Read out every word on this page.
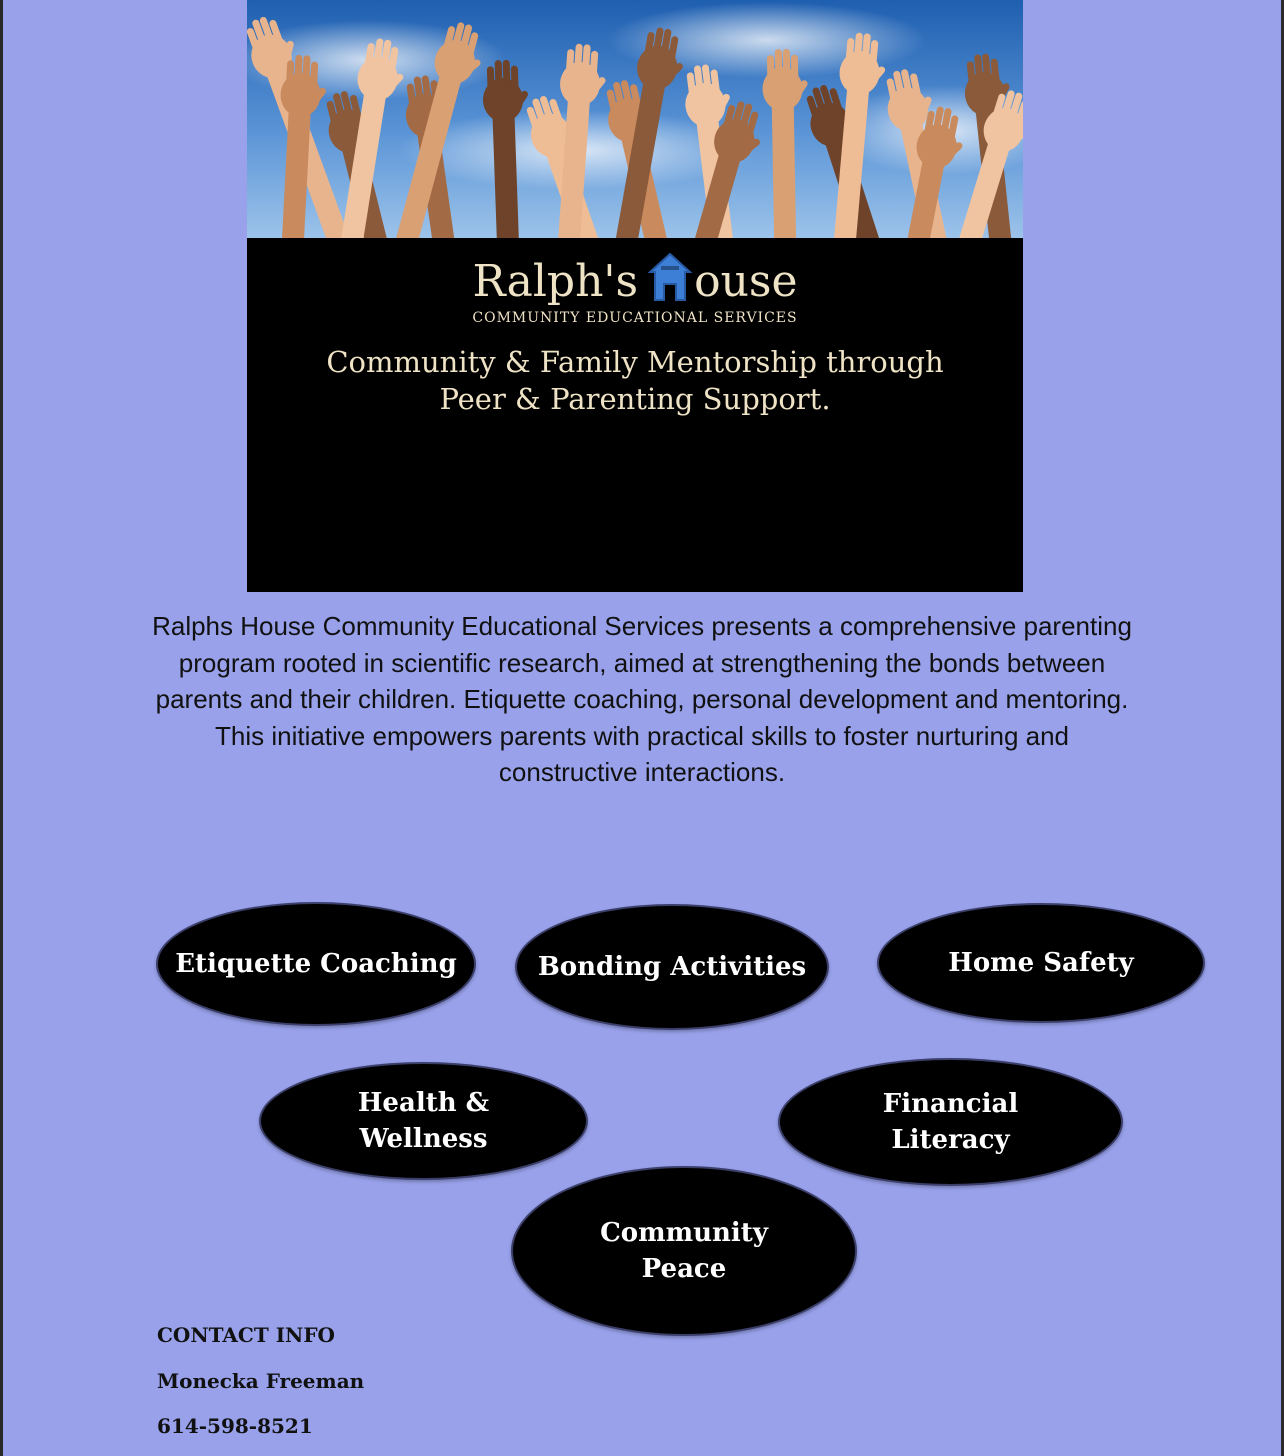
Ralph's ouse
COMMUNITY EDUCATIONAL SERVICES
Community & Family Mentorship through
Peer & Parenting Support.

Ralphs House Community Educational Services presents a comprehensive parenting program rooted in scientific research, aimed at strengthening the bonds between parents and their children. Etiquette coaching, personal development and mentoring. This initiative empowers parents with practical skills to foster nurturing and constructive interactions.

Etiquette Coaching	Bonding Activities	Home Safety
Health &
Wellness
Financial
Literacy
Community
Peace
CONTACT INFO
Monecka Freeman
614-598-8521
